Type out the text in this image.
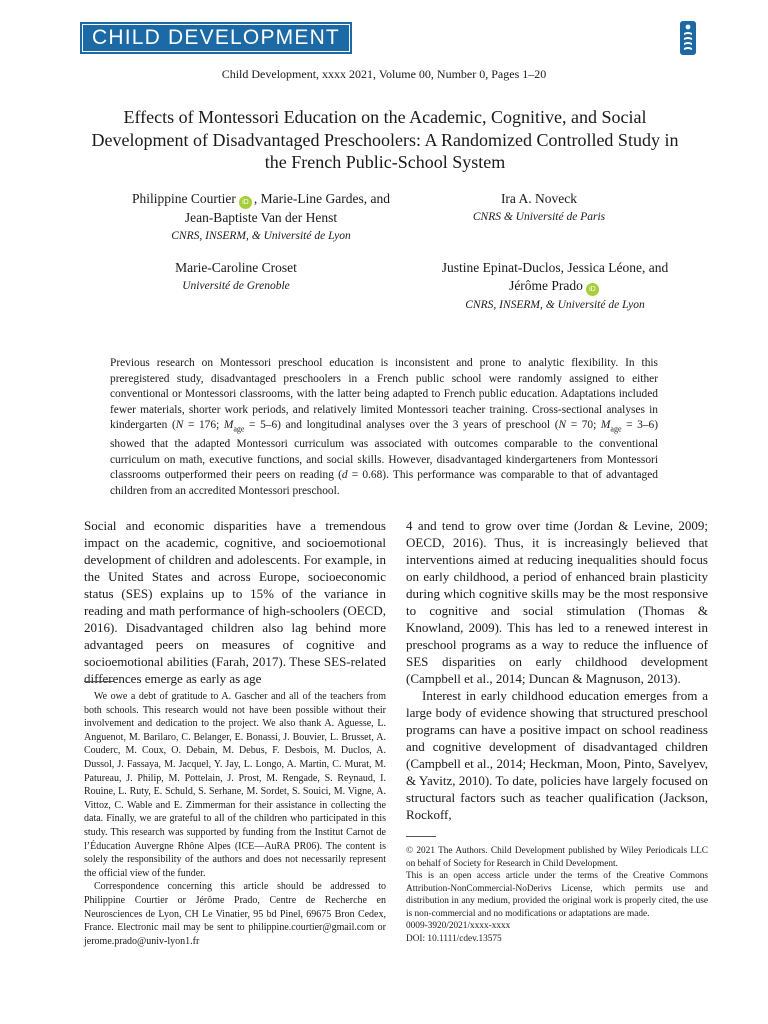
CHILD DEVELOPMENT
Child Development, xxxx 2021, Volume 00, Number 0, Pages 1–20
Effects of Montessori Education on the Academic, Cognitive, and Social Development of Disadvantaged Preschoolers: A Randomized Controlled Study in the French Public-School System
Philippine Courtier iD , Marie-Line Gardes, and
Jean-Baptiste Van der Henst
CNRS, INSERM, & Université de Lyon
Ira A. Noveck
CNRS & Université de Paris
Marie-Caroline Croset
Université de Grenoble
Justine Epinat-Duclos, Jessica Léone, and
Jérôme Prado iD
CNRS, INSERM, & Université de Lyon
Previous research on Montessori preschool education is inconsistent and prone to analytic flexibility. In this preregistered study, disadvantaged preschoolers in a French public school were randomly assigned to either conventional or Montessori classrooms, with the latter being adapted to French public education. Adaptations included fewer materials, shorter work periods, and relatively limited Montessori teacher training. Cross-sectional analyses in kindergarten (N = 176; $M_{age} = 5-6$) and longitudinal analyses over the 3 years of preschool (N = 70; $M_{age} = 3-6$) showed that the adapted Montessori curriculum was associated with outcomes comparable to the conventional curriculum on math, executive functions, and social skills. However, disadvantaged kindergarteners from Montessori classrooms outperformed their peers on reading (d = 0.68). This performance was comparable to that of advantaged children from an accredited Montessori preschool.

Social and economic disparities have a tremendous impact on the academic, cognitive, and socioemotional development of children and adolescents. For example, in the United States and across Europe, socioeconomic status (SES) explains up to 15% of the variance in reading and math performance of high-schoolers (OECD, 2016). Disadvantaged children also lag behind more advantaged peers on measures of cognitive and socioemotional abilities (Farah, 2017). These SES-related differences emerge as early as age

4 and tend to grow over time (Jordan & Levine, 2009; OECD, 2016). Thus, it is increasingly believed that interventions aimed at reducing inequalities should focus on early childhood, a period of enhanced brain plasticity during which cognitive skills may be the most responsive to cognitive and social stimulation (Thomas & Knowland, 2009). This has led to a renewed interest in preschool programs as a way to reduce the influence of SES disparities on early childhood development (Campbell et al., 2014; Duncan & Magnuson, 2013).

Interest in early childhood education emerges from a large body of evidence showing that structured preschool programs can have a positive impact on school readiness and cognitive development of disadvantaged children (Campbell et al., 2014; Heckman, Moon, Pinto, Savelyev, & Yavitz, 2010). To date, policies have largely focused on structural factors such as teacher qualification (Jackson, Rockoff,

We owe a debt of gratitude to A. Gascher and all of the teachers from both schools. This research would not have been possible without their involvement and dedication to the project. We also thank A. Aguesse, L. Anguenot, M. Barilaro, C. Belanger, E. Bonassi, J. Bouvier, L. Brusset, A. Couderc, M. Coux, O. Debain, M. Debus, F. Desbois, M. Duclos, A. Dussol, J. Fassaya, M. Jacquel, Y. Jay, L. Longo, A. Martin, C. Murat, M. Patureau, J. Philip, M. Pottelain, J. Prost, M. Rengade, S. Reynaud, I. Rouine, L. Ruty, E. Schuld, S. Serhane, M. Sordet, S. Souici, M. Vigne, A. Vittoz, C. Wable and E. Zimmerman for their assistance in collecting the data. Finally, we are grateful to all of the children who participated in this study. This research was supported by funding from the Institut Carnot de l’Éducation Auvergne Rhône Alpes (ICE—AuRA PR06). The content is solely the responsibility of the authors and does not necessarily represent the official view of the funder.

Correspondence concerning this article should be addressed to Philippine Courtier or Jérôme Prado, Centre de Recherche en Neurosciences de Lyon, CH Le Vinatier, 95 bd Pinel, 69675 Bron Cedex, France. Electronic mail may be sent to philippine.courtier@gmail.com or jerome.prado@univ-lyon1.fr

© 2021 The Authors. Child Development published by Wiley Periodicals LLC on behalf of Society for Research in Child Development.

This is an open access article under the terms of the Creative Commons Attribution-NonCommercial-NoDerivs License, which permits use and distribution in any medium, provided the original work is properly cited, the use is non-commercial and no modifications or adaptations are made.

0009-3920/2021/xxxx-xxxx

DOI: 10.1111/cdev.13575
